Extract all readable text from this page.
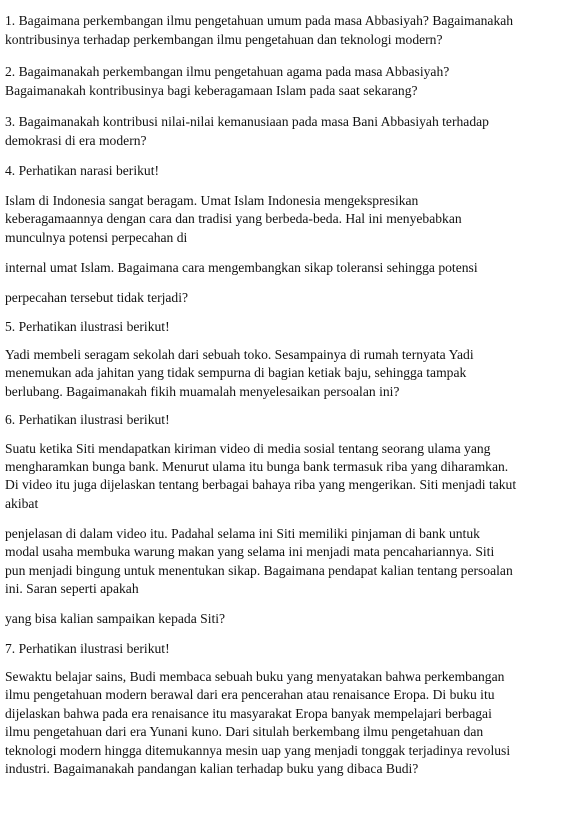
1. Bagaimana perkembangan ilmu pengetahuan umum pada masa Abbasiyah? Bagaimanakah
kontribusinya terhadap perkembangan ilmu pengetahuan dan teknologi modern?
2. Bagaimanakah perkembangan ilmu pengetahuan agama pada masa Abbasiyah?
Bagaimanakah kontribusinya bagi keberagamaan Islam pada saat sekarang?
3. Bagaimanakah kontribusi nilai-nilai kemanusiaan pada masa Bani Abbasiyah terhadap
demokrasi di era modern?
4. Perhatikan narasi berikut!
Islam di Indonesia sangat beragam. Umat Islam Indonesia mengekspresikan
keberagamaannya dengan cara dan tradisi yang berbeda-beda. Hal ini menyebabkan
munculnya potensi perpecahan di
internal umat Islam. Bagaimana cara mengembangkan sikap toleransi sehingga potensi
perpecahan tersebut tidak terjadi?
5. Perhatikan ilustrasi berikut!
Yadi membeli seragam sekolah dari sebuah toko. Sesampainya di rumah ternyata Yadi
menemukan ada jahitan yang tidak sempurna di bagian ketiak baju, sehingga tampak
berlubang. Bagaimanakah fikih muamalah menyelesaikan persoalan ini?
6. Perhatikan ilustrasi berikut!
Suatu ketika Siti mendapatkan kiriman video di media sosial tentang seorang ulama yang
mengharamkan bunga bank. Menurut ulama itu bunga bank termasuk riba yang diharamkan.
Di video itu juga dijelaskan tentang berbagai bahaya riba yang mengerikan. Siti menjadi takut
akibat
penjelasan di dalam video itu. Padahal selama ini Siti memiliki pinjaman di bank untuk
modal usaha membuka warung makan yang selama ini menjadi mata pencahariannya. Siti
pun menjadi bingung untuk menentukan sikap. Bagaimana pendapat kalian tentang persoalan
ini. Saran seperti apakah
yang bisa kalian sampaikan kepada Siti?
7. Perhatikan ilustrasi berikut!
Sewaktu belajar sains, Budi membaca sebuah buku yang menyatakan bahwa perkembangan
ilmu pengetahuan modern berawal dari era pencerahan atau renaisance Eropa. Di buku itu
dijelaskan bahwa pada era renaisance itu masyarakat Eropa banyak mempelajari berbagai
ilmu pengetahuan dari era Yunani kuno. Dari situlah berkembang ilmu pengetahuan dan
teknologi modern hingga ditemukannya mesin uap yang menjadi tonggak terjadinya revolusi
industri. Bagaimanakah pandangan kalian terhadap buku yang dibaca Budi?
